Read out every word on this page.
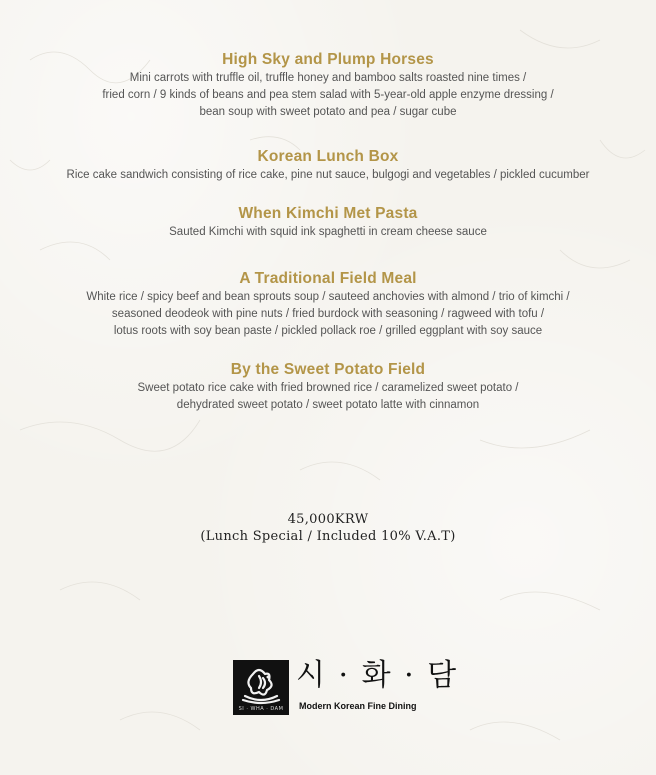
High Sky and Plump Horses

Mini carrots with truffle oil, truffle honey and bamboo salts roasted nine times /
fried corn / 9 kinds of beans and pea stem salad with 5-year-old apple enzyme dressing /
bean soup with sweet potato and pea / sugar cube

Korean Lunch Box

Rice cake sandwich consisting of rice cake, pine nut sauce, bulgogi and vegetables / pickled cucumber

When Kimchi Met Pasta

Sauted Kimchi with squid ink spaghetti in cream cheese sauce

A Traditional Field Meal

White rice / spicy beef and bean sprouts soup / sauteed anchovies with almond / trio of kimchi /
seasoned deodeok with pine nuts / fried burdock with seasoning / ragweed with tofu /
lotus roots with soy bean paste / pickled pollack roe / grilled eggplant with soy sauce

By the Sweet Potato Field

Sweet potato rice cake with fried browned rice / caramelized sweet potato /
dehydrated sweet potato / sweet potato latte with cinnamon

45,000KRW
(Lunch Special / Included 10% V.A.T)
SI · WHA · DAM
시 · 화 · 담
Modern Korean Fine Dining
